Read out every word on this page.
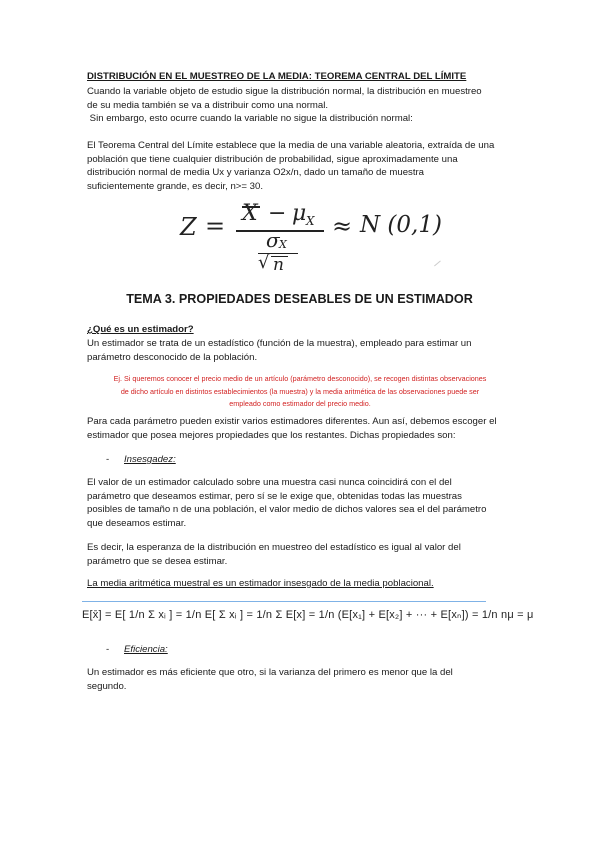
DISTRIBUCIÓN EN EL MUESTREO DE LA MEDIA: TEOREMA CENTRAL DEL LÍMITE
Cuando la variable objeto de estudio sigue la distribución normal, la distribución en muestreo
de su media también se va a distribuir como una normal.
Sin embargo, esto ocurre cuando la variable no sigue la distribución normal:
El Teorema Central del Límite establece que la media de una variable aleatoria, extraída de una
población que tiene cualquier distribución de probabilidad, sigue aproximadamente una
distribución normal de media Ux y varianza O2x/n, dado un tamaño de muestra
suficientemente grande, es decir, n>= 30.
Z = X − μ X
σ X
√ n
≈ N (0,1)
TEMA 3. PROPIEDADES DESEABLES DE UN ESTIMADOR
¿Qué es un estimador?
Un estimador se trata de un estadístico (función de la muestra), empleado para estimar un
parámetro desconocido de la población.
Ej. Si queremos conocer el precio medio de un artículo (parámetro desconocido), se recogen distintas observaciones
de dicho artículo en distintos establecimientos (la muestra) y la media aritmética de las observaciones puede ser
empleado como estimador del precio medio.
Para cada parámetro pueden existir varios estimadores diferentes. Aun así, debemos escoger el
estimador que posea mejores propiedades que los restantes. Dichas propiedades son:
- Insesgadez:
El valor de un estimador calculado sobre una muestra casi nunca coincidirá con el del
parámetro que deseamos estimar, pero sí se le exige que, obtenidas todas las muestras
posibles de tamaño n de una población, el valor medio de dichos valores sea el del parámetro
que deseamos estimar.
Es decir, la esperanza de la distribución en muestreo del estadístico es igual al valor del
parámetro que se desea estimar.
La media aritmética muestral es un estimador insesgado de la media poblacional.
E[x̄] = E[ 1/n Σ xᵢ ] = 1/n E[ Σ xᵢ ] = 1/n Σ E[x] = 1/n (E[x₁] + E[x₂] + ··· + E[xₙ]) = 1/n nμ = μ
- Eficiencia:
Un estimador es más eficiente que otro, si la varianza del primero es menor que la del
segundo.
